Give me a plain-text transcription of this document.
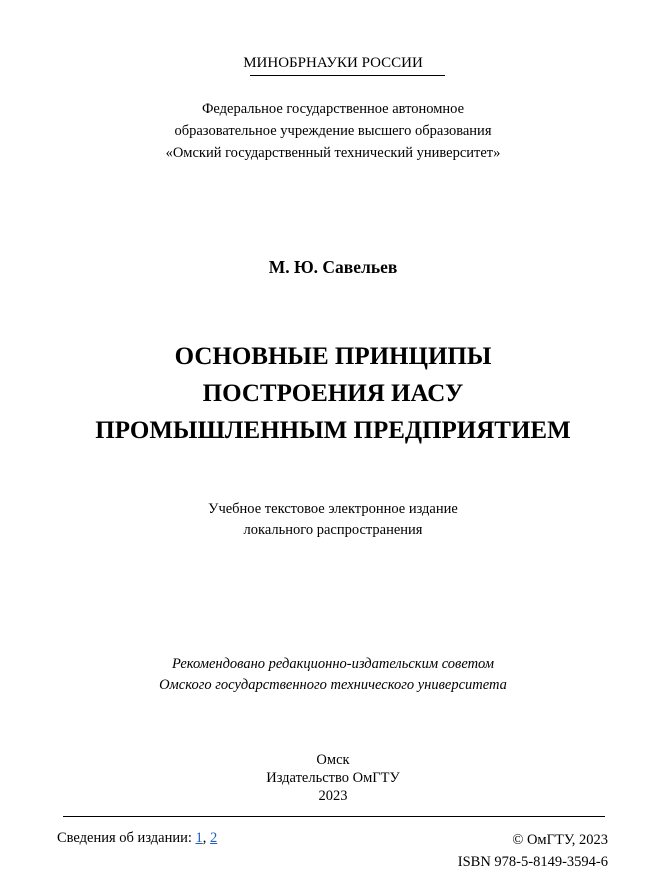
МИНОБРНАУКИ РОССИИ
Федеральное государственное автономное
образовательное учреждение высшего образования
«Омский государственный технический университет»
М. Ю. Савельев
ОСНОВНЫЕ ПРИНЦИПЫ
ПОСТРОЕНИЯ ИАСУ
ПРОМЫШЛЕННЫМ ПРЕДПРИЯТИЕМ
Учебное текстовое электронное издание
локального распространения
Рекомендовано редакционно-издательским советом
Омского государственного технического университета
Омск
Издательство ОмГТУ
2023
Сведения об издании: 1, 2	© ОмГТУ, 2023
ISBN 978-5-8149-3594-6
